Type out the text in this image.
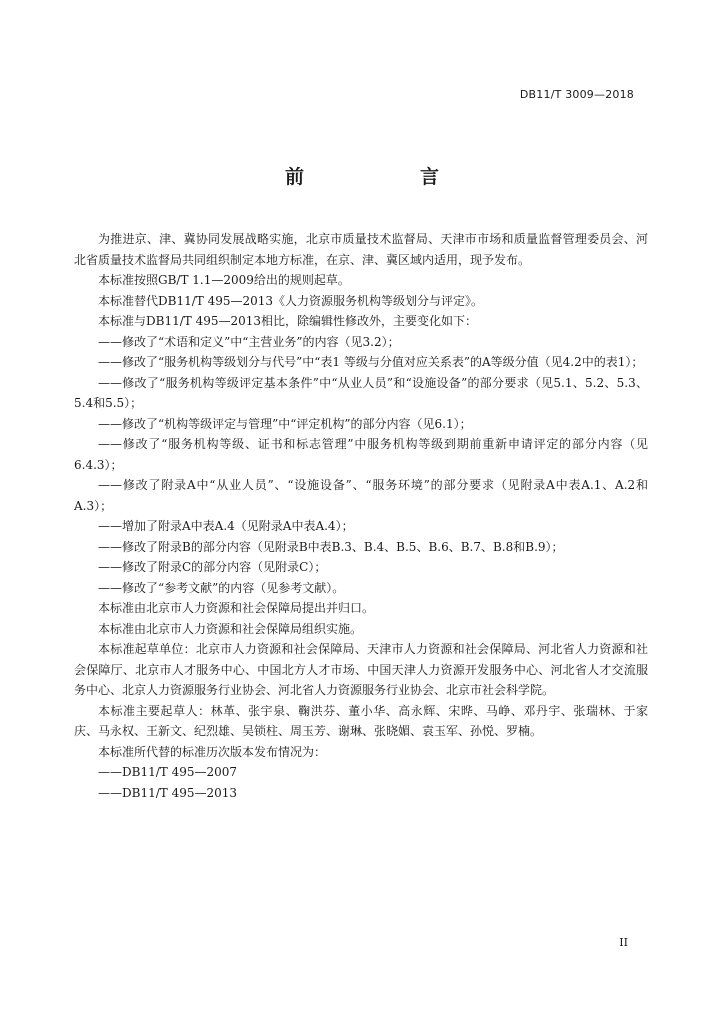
DB11/T 3009—2018
前　　言

为推进京、津、冀协同发展战略实施，北京市质量技术监督局、天津市市场和质量监督管理委员会、河北省质量技术监督局共同组织制定本地方标准，在京、津、冀区域内适用，现予发布。

本标准按照GB/T 1.1—2009给出的规则起草。

本标准替代DB11/T 495—2013《人力资源服务机构等级划分与评定》。

本标准与DB11/T 495—2013相比，除编辑性修改外，主要变化如下：

——修改了“术语和定义”中“主营业务”的内容（见3.2）；

——修改了“服务机构等级划分与代号”中“表1 等级与分值对应关系表”的A等级分值（见4.2中的表1）；

——修改了“服务机构等级评定基本条件”中“从业人员”和“设施设备”的部分要求（见5.1、5.2、5.3、5.4和5.5）；

——修改了“机构等级评定与管理”中“评定机构”的部分内容（见6.1）；

——修改了“服务机构等级、证书和标志管理”中服务机构等级到期前重新申请评定的部分内容（见6.4.3）；

——修改了附录A中“从业人员”、“设施设备”、“服务环境”的部分要求（见附录A中表A.1、A.2和A.3）；

——增加了附录A中表A.4（见附录A中表A.4）；

——修改了附录B的部分内容（见附录B中表B.3、B.4、B.5、B.6、B.7、B.8和B.9）；

——修改了附录C的部分内容（见附录C）；

——修改了“参考文献”的内容（见参考文献）。

本标准由北京市人力资源和社会保障局提出并归口。

本标准由北京市人力资源和社会保障局组织实施。

本标准起草单位：北京市人力资源和社会保障局、天津市人力资源和社会保障局、河北省人力资源和社会保障厅、北京市人才服务中心、中国北方人才市场、中国天津人力资源开发服务中心、河北省人才交流服务中心、北京人力资源服务行业协会、河北省人力资源服务行业协会、北京市社会科学院。

本标准主要起草人：林革、张宇泉、鞠洪芬、董小华、高永辉、宋晔、马峥、邓丹宇、张瑞林、于家庆、马永权、王新文、纪烈雄、吴锁柱、周玉芳、谢琳、张晓媚、袁玉军、孙悦、罗楠。

本标准所代替的标准历次版本发布情况为：

——DB11/T 495—2007

——DB11/T 495—2013

II
